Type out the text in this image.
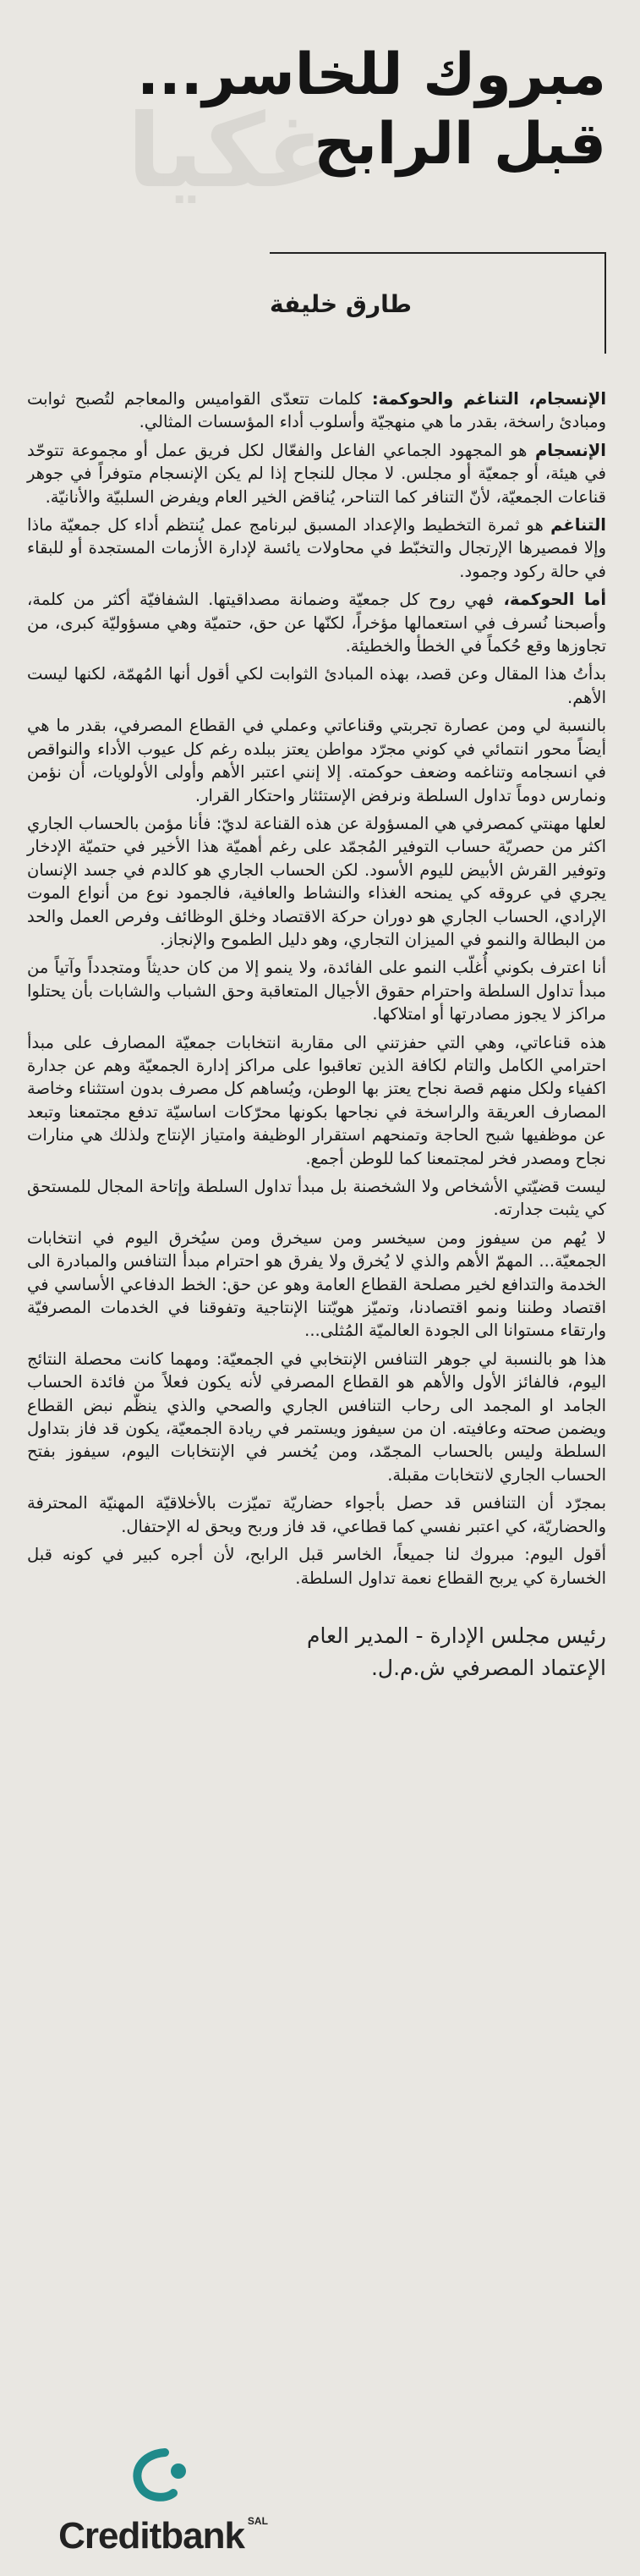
ﻏﻜﻴﺎ
مبروك للخاسر...
قبل الرابح
طارق خليفة

الإنسجام، التناغم والحوكمة: كلمات تتعدّى القواميس والمعاجم لتُصبح ثوابت ومبادئ راسخة، بقدر ما هي منهجيّة وأسلوب أداء المؤسسات المثالي.

الإنسجام هو المجهود الجماعي الفاعل والفعّال لكل فريق عمل أو مجموعة تتوحّد في هيئة، أو جمعيّة أو مجلس. لا مجال للنجاح إذا لم يكن الإنسجام متوفراً في جوهر قناعات الجمعيّة، لأنّ التنافر كما التناحر، يُناقض الخير العام ويفرض السلبيّة والأنانيّة.

التناغم هو ثمرة التخطيط والإعداد المسبق لبرنامج عمل يُنتظم أداء كل جمعيّة ماذا وإلا فمصيرها الإرتجال والتخبّط في محاولات يائسة لإدارة الأزمات المستجدة أو للبقاء في حالة ركود وجمود.

أما الحوكمة، فهي روح كل جمعيّة وضمانة مصداقيتها. الشفافيّة أكثر من كلمة، وأصبحنا نُسرف في استعمالها مؤخراً، لكنّها عن حق، حتميّة وهي مسؤوليّة كبرى، من تجاوزها وقع حُكماً في الخطأ والخطيئة.

بدأتُ هذا المقال وعن قصد، بهذه المبادئ الثوابت لكي أقول أنها المُهمّة، لكنها ليست الأهم.

بالنسبة لي ومن عصارة تجربتي وقناعاتي وعملي في القطاع المصرفي، بقدر ما هي أيضاً محور انتمائي في كوني مجرّد مواطن يعتز ببلده رغم كل عيوب الأداء والنواقص في انسجامه وتناغمه وضعف حوكمته. إلا إنني اعتبر الأهم وأولى الأولويات، أن نؤمن ونمارس دوماً تداول السلطة ونرفض الإستئثار واحتكار القرار.

لعلها مهنتي كمصرفي هي المسؤولة عن هذه القناعة لديّ: فأنا مؤمن بالحساب الجاري اكثر من حصريّة حساب التوفير المُجمّد على رغم أهميّة هذا الأخير في حتميّة الإدخار وتوفير القرش الأبيض لليوم الأسود. لكن الحساب الجاري هو كالدم في جسد الإنسان يجري في عروقه كي يمنحه الغذاء والنشاط والعافية، فالجمود نوع من أنواع الموت الإرادي، الحساب الجاري هو دوران حركة الاقتصاد وخلق الوظائف وفرص العمل والحد من البطالة والنمو في الميزان التجاري، وهو دليل الطموح والإنجاز.

أنا اعترف بكوني أُغلّب النمو على الفائدة، ولا ينمو إلا من كان حديثاً ومتجدداً وآتياً من مبدأ تداول السلطة واحترام حقوق الأجيال المتعاقبة وحق الشباب والشابات بأن يحتلوا مراكز لا يجوز مصادرتها أو امتلاكها.

هذه قناعاتي، وهي التي حفزتني الى مقاربة انتخابات جمعيّة المصارف على مبدأ احترامي الكامل والتام لكافة الذين تعاقبوا على مراكز إدارة الجمعيّة وهم عن جدارة اكفياء ولكل منهم قصة نجاح يعتز بها الوطن، ويُساهم كل مصرف بدون استثناء وخاصة المصارف العريقة والراسخة في نجاحها بكونها محرّكات اساسيّة تدفع مجتمعنا وتبعد عن موظفيها شبح الحاجة وتمنحهم استقرار الوظيفة وامتياز الإنتاج ولذلك هي منارات نجاح ومصدر فخر لمجتمعنا كما للوطن أجمع.

ليست قضيّتي الأشخاص ولا الشخصنة بل مبدأ تداول السلطة وإتاحة المجال للمستحق كي يثبت جدارته.

لا يُهم من سيفوز ومن سيخسر ومن سيخرق ومن سيُخرق اليوم في انتخابات الجمعيّة... المهمّ الأهم والذي لا يُخرق ولا يفرق هو احترام مبدأ التنافس والمبادرة الى الخدمة والتدافع لخير مصلحة القطاع العامة وهو عن حق: الخط الدفاعي الأساسي في اقتصاد وطننا ونمو اقتصادنا، وتميّز هويّتنا الإنتاجية وتفوقنا في الخدمات المصرفيّة وارتقاء مستوانا الى الجودة العالميّة المُثلى...

هذا هو بالنسبة لي جوهر التنافس الإنتخابي في الجمعيّة: ومهما كانت محصلة النتائج اليوم، فالفائز الأول والأهم هو القطاع المصرفي لأنه يكون فعلاً من فائدة الحساب الجامد او المجمد الى رحاب التنافس الجاري والصحي والذي ينظّم نبض القطاع ويضمن صحته وعافيته. ان من سيفوز ويستمر في ريادة الجمعيّة، يكون قد فاز بتداول السلطة وليس بالحساب المجمّد، ومن يُخسر في الإنتخابات اليوم، سيفوز بفتح الحساب الجاري لانتخابات مقبلة.

بمجرّد أن التنافس قد حصل بأجواء حضاريّة تميّزت بالأخلاقيّة المهنيّة المحترفة والحضاريّة، كي اعتبر نفسي كما قطاعي، قد فاز وربح ويحق له الإحتفال.

أقول اليوم: مبروك لنا جميعاً، الخاسر قبل الرابح، لأن أجره كبير في كونه قبل الخسارة كي يربح القطاع نعمة تداول السلطة.

رئيس مجلس الإدارة - المدير العام
الإعتماد المصرفي ش.م.ل.
Creditbank $^{SAL}$
